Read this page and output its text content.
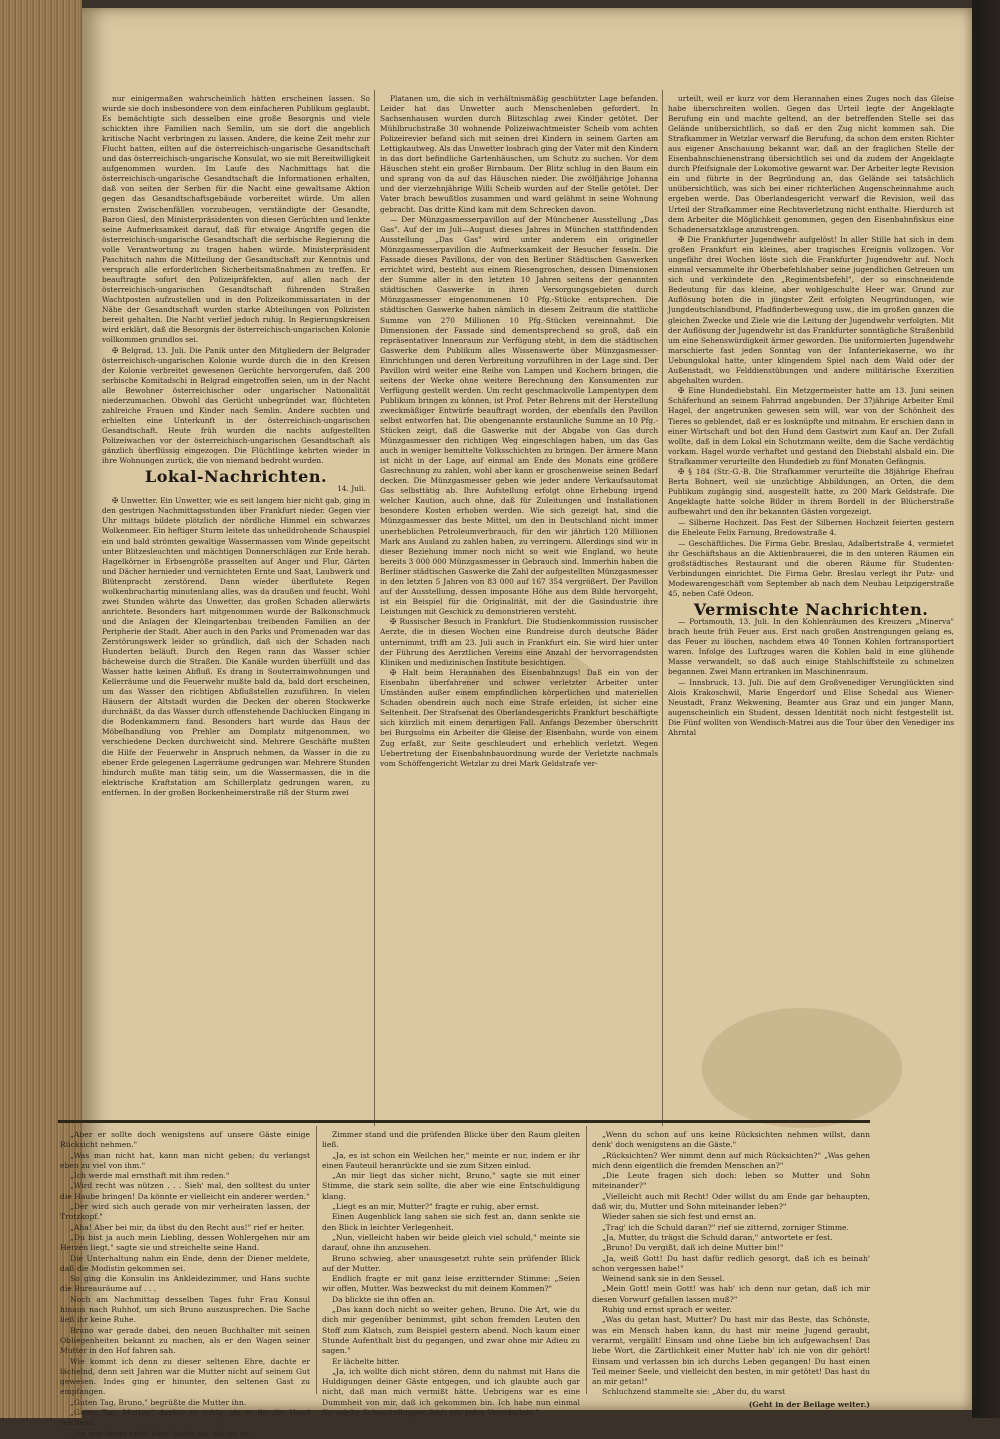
nur einigermaßen wahrscheinlich hätten erscheinen lassen. So wurde sie doch insbesondere von dem einfacheren Publikum geglaubt. Es bemächtigte sich desselben eine große Besorgnis und viele schickten ihre Familien nach Semlin, um sie dort die angeblich kritische Nacht verbringen zu lassen. Andere, die keine Zeit mehr zur Flucht hatten, eilten auf die österreichisch-ungarische Gesandtschaft und das österreichisch-ungarische Konsulat, wo sie mit Bereitwilligkeit aufgenommen wurden. Im Laufe des Nachmittags hat die österreichisch-ungarische Gesandtschaft die Informationen erhalten, daß von seiten der Serben für die Nacht eine gewaltsame Aktion gegen das Gesandtschaftsgebäude vorbereitet würde. Um allen ernsten Zwischenfällen vorzubeugen, verständigte der Gesandte, Baron Giesl, den Ministerpräsidenten von diesen Gerüchten und lenkte seine Aufmerksamkeit darauf, daß für etwaige Angriffe gegen die österreichisch-ungarische Gesandtschaft die serbische Regierung die volle Verantwortung zu tragen haben würde. Ministerpräsident Paschitsch nahm die Mitteilung der Gesandtschaft zur Kenntnis und versprach alle erforderlichen Sicherheitsmaßnahmen zu treffen. Er beauftragte sofort den Polizeipräfekten, auf allen nach der österreichisch-ungarischen Gesandtschaft führenden Straßen Wachtposten aufzustellen und in den Polizeikommissariaten in der Nähe der Gesandtschaft wurden starke Abteilungen von Polizisten bereit gehalten. Die Nacht verlief jedoch ruhig. In Regierungskreisen wird erklärt, daß die Besorgnis der österreichisch-ungarischen Kolonie vollkommen grundlos sei.

✠ Belgrad, 13. Juli. Die Panik unter den Mitgliedern der Belgrader österreichisch-ungarischen Kolonie wurde durch die in den Kreisen der Kolonie verbreitet gewesenen Gerüchte hervorgerufen, daß 200 serbische Komitadschi in Belgrad eingetroffen seien, um in der Nacht alle Bewohner österreichischer oder ungarischer Nationalität niederzumachen. Obwohl das Gerücht unbegründet war, flüchteten zahlreiche Frauen und Kinder nach Semlin. Andere suchten und erhielten eine Unterkunft in der österreichisch-ungarischen Gesandtschaft. Heute früh wurden die nachts aufgestellten Polizeiwachen vor der österreichisch-ungarischen Gesandtschaft als gänzlich überflüssig eingezogen. Die Flüchtlinge kehrten wieder in ihre Wohnungen zurück, die von niemand bedroht wurden.

Lokal-Nachrichten.
14. Juli.

✠ Unwetter. Ein Unwetter, wie es seit langem hier nicht gab, ging in den gestrigen Nachmittagsstunden über Frankfurt nieder. Gegen vier Uhr mittags bildete plötzlich der nördliche Himmel ein schwarzes Wolkenmeer. Ein heftiger Sturm leitete das unheildrohende Schauspiel ein und bald strömten gewaltige Wassermassen vom Winde gepeitscht unter Blitzesleuchten und mächtigen Donnerschlägen zur Erde herab. Hagelkörner in Erbsengröße prasselten auf Anger und Flur, Gärten und Dächer hernieder und vernichteten Ernte und Saat, Laubwerk und Blütenpracht zerstörend. Dann wieder überflutete Regen wolkenbruchartig minutenlang alles, was da draußen und feucht. Wohl zwei Stunden währte das Unwetter, das großen Schaden allerwärts anrichtete. Besonders hart mitgenommen wurde der Balkonschmuck und die Anlagen der Kleingartenbau treibenden Familien an der Peripherie der Stadt. Aber auch in den Parks und Promenaden war das Zerstörungswerk leider so gründlich, daß sich der Schaden nach Hunderten beläuft. Durch den Regen rann das Wasser schier bächeweise durch die Straßen. Die Kanäle wurden überfüllt und das Wasser hatte keinen Abfluß. Es drang in Souterrainwohnungen und Kellerräume und die Feuerwehr mußte bald da, bald dort erscheinen, um das Wasser den richtigen Abflußstellen zuzuführen. In vielen Häusern der Altstadt wurden die Decken der oberen Stockwerke durchnäßt, da das Wasser durch offenstehende Dachlucken Eingang in die Bodenkammern fand. Besonders hart wurde das Haus der Möbelhandlung von Prehler am Domplatz mitgenommen, wo verschiedene Decken durchweicht sind. Mehrere Geschäfte mußten die Hilfe der Feuerwehr in Anspruch nehmen, da Wasser in die zu ebener Erde gelegenen Lagerräume gedrungen war. Mehrere Stunden hindurch mußte man tätig sein, um die Wassermassen, die in die elektrische Kraftstation am Schillerplatz gedrungen waren, zu entfernen. In der großen Bockenheimerstraße riß der Sturm zwei

Platanen um, die sich in verhältnismäßig geschützter Lage befanden. Leider hat das Unwetter auch Menschenleben gefordert. In Sachsenhausen wurden durch Blitzschlag zwei Kinder getötet. Der Mühlbruchstraße 30 wohnende Polizeiwachtmeister Scheib vom achten Polizeirevier befand sich mit seinen drei Kindern in seinem Garten am Lettigkautweg. Als das Unwetter losbrach ging der Vater mit den Kindern in das dort befindliche Gartenhäuschen, um Schutz zu suchen. Vor dem Häuschen steht ein großer Birnbaum. Der Blitz schlug in den Baum ein und sprang von da auf das Häuschen nieder. Die zwölfjährige Johanna und der vierzehnjährige Willi Scheib wurden auf der Stelle getötet. Der Vater brach bewußtlos zusammen und ward gelähmt in seine Wohnung gebracht. Das dritte Kind kam mit dem Schrecken davon.

— Der Münzgasmesserpavillon auf der Münchener Ausstellung „Das Gas". Auf der im Juli—August dieses Jahres in München stattfindenden Ausstellung „Das Gas" wird unter anderem ein origineller Münzgasmesserpavillon die Aufmerksamkeit der Besucher fesseln. Die Fassade dieses Pavillons, der von den Berliner Städtischen Gaswerken errichtet wird, besteht aus einem Riesengroschen, dessen Dimensionen der Summe aller in den letzten 10 Jahren seitens der genannten städtischen Gaswerke in ihren Versorgungsgebieten durch Münzgasmesser eingenommenen 10 Pfg.-Stücke entsprechen. Die städtischen Gaswerke haben nämlich in diesem Zeitraum die stattliche Summe von 270 Millionen 10 Pfg.-Stücken vereinnahmt. Die Dimensionen der Fassade sind dementsprechend so groß, daß ein repräsentativer Innenraum zur Verfügung steht, in dem die städtischen Gaswerke dem Publikum alles Wissenswerte über Münzgasmesser-Einrichtungen und deren Verbreitung vorzuführen in der Lage sind. Der Pavillon wird weiter eine Reihe von Lampen und Kochern bringen, die seitens der Werke ohne weitere Berechnung den Konsumenten zur Verfügung gestellt werden. Um recht geschmackvolle Lampentypen dem Publikum bringen zu können, ist Prof. Peter Behrens mit der Herstellung zweckmäßiger Entwürfe beauftragt worden, der ebenfalls den Pavillon selbst entworfen hat. Die obengenannte erstaunliche Summe an 10 Pfg.-Stücken zeigt, daß die Gaswerke mit der Abgabe von Gas durch Münzgasmesser den richtigen Weg eingeschlagen haben, um das Gas auch in weniger bemittelte Volksschichten zu bringen. Der ärmere Mann ist nicht in der Lage, auf einmal am Ende des Monats eine größere Gasrechnung zu zahlen, wohl aber kann er groschenweise seinen Bedarf decken. Die Münzgasmesser geben wie jeder andere Verkaufsautomat Gas selbsttätig ab. Ihre Aufstellung erfolgt ohne Erhebung irgend welcher Kaution, auch ohne, daß für Zuleitungen und Installationen besondere Kosten erhoben werden. Wie sich gezeigt hat, sind die Münzgasmesser das beste Mittel, um den in Deutschland nicht immer unerheblichen Petroleumverbrauch, für den wir jährlich 120 Millionen Mark ans Ausland zu zahlen haben, zu verringern. Allerdings sind wir in dieser Beziehung immer noch nicht so weit wie England, wo heute bereits 3 000 000 Münzgasmesser in Gebrauch sind. Immerhin haben die Berliner städtischen Gaswerke die Zahl der aufgestellten Münzgasmesser in den letzten 5 Jahren von 83 000 auf 167 354 vergrößert. Der Pavillon auf der Ausstellung, dessen imposante Höhe aus dem Bilde hervorgeht, ist ein Beispiel für die Originalität, mit der die Gasindustrie ihre Leistungen mit Geschick zu demonstrieren versteht.

✠ Russischer Besuch in Frankfurt. Die Studienkommission russischer Aerzte, die in diesen Wochen eine Rundreise durch deutsche Bäder unternimmt, trifft am 23. Juli auch in Frankfurt ein. Sie wird hier unter der Führung des Aerztlichen Vereins eine Anzahl der hervorragendsten Kliniken und medizinischen Institute besichtigen.

✠ Halt beim Herannahen des Eisenbahnzugs! Daß ein von der Eisenbahn überfahrener und schwer verletzter Arbeiter unter Umständen außer einem empfindlichen körperlichen und materiellen Schaden obendrein auch noch eine Strafe erleiden, ist sicher eine Seltenheit. Der Strafsenat des Oberlandesgerichts Frankfurt beschäftigte sich kürzlich mit einem derartigen Fall. Anfangs Dezember überschritt bei Burgsolms ein Arbeiter die Gleise der Eisenbahn, wurde von einem Zug erfaßt, zur Seite geschleudert und erheblich verletzt. Wegen Uebertretung der Eisenbahnbauordnung wurde der Verletzte nachmals vom Schöffengericht Wetzlar zu drei Mark Geldstrafe ver-

urteilt, weil er kurz vor dem Herannahen eines Zuges noch das Gleise habe überschreiten wollen. Gegen das Urteil legte der Angeklagte Berufung ein und machte geltend, an der betreffenden Stelle sei das Gelände unübersichtlich, so daß er den Zug nicht kommen sah. Die Strafkammer in Wetzlar verwarf die Berufung, da schon dem ersten Richter aus eigener Anschauung bekannt war, daß an der fraglichen Stelle der Eisenbahnschienenstrang übersichtlich sei und da zudem der Angeklagte durch Pfeifsignale der Lokomotive gewarnt war. Der Arbeiter legte Revision ein und führte in der Begründung an, das Gelände sei tatsächlich unübersichtlich, was sich bei einer richterlichen Augenscheinnahme auch ergeben werde. Das Oberlandesgericht verwarf die Revision, weil das Urteil der Strafkammer eine Rechtsverletzung nicht enthalte. Hierdurch ist dem Arbeiter die Möglichkeit genommen, gegen den Eisenbahnfiskus eine Schadenersatzklage anzustrengen.

✠ Die Frankfurter Jugendwehr aufgelöst! In aller Stille hat sich in dem großen Frankfurt ein kleines, aber tragisches Ereignis vollzogen. Vor ungefähr drei Wochen löste sich die Frankfurter Jugendwehr auf. Noch einmal versammelte ihr Oberbefehlshaber seine jugendlichen Getreuen um sich und verkündete den „Regimentsbefehl", der so einschneidende Bedeutung für das kleine, aber wohlgeschulte Heer war. Grund zur Auflösung boten die in jüngster Zeit erfolgten Neugründungen, wie Jungdeutschlandbund, Pfadfinderbewegung usw., die im großen ganzen die gleichen Zwecke und Ziele wie die Leitung der Jugendwehr verfolgten. Mit der Auflösung der Jugendwehr ist das Frankfurter sonntägliche Straßenbild um eine Sehenswürdigkeit ärmer geworden. Die uniformierten Jugendwehr marschierte fast jeden Sonntag von der Infanteriekaserne, wo ihr Uebungslokal hatte, unter klingendem Spiel nach dem Wald oder der Außenstadt, wo Felddienstübungen und andere militärische Exerzitien abgehalten wurden.

✠ Eine Hundediebstahl. Ein Metzgermeister hatte am 13. Juni seinen Schäferhund an seinem Fahrrad angebunden. Der 37jährige Arbeiter Emil Hagel, der angetrunken gewesen sein will, war von der Schönheit des Tieres so geblendet, daß er es losknüpfte und mitnahm. Er erschien dann in einer Wirtschaft und bot den Hund dem Gastwirt zum Kauf an. Der Zufall wollte, daß in dem Lokal ein Schutzmann weilte, dem die Sache verdächtig vorkam. Hagel wurde verhaftet und gestand den Diebstahl alsbald ein. Die Strafkammer verurteilte den Hundedieb zu fünf Monaten Gefängnis.

✠ § 184 (Str.-G.-B. Die Strafkammer verurteilte die 38jährige Ehefrau Berta Bohnert, weil sie unzüchtige Abbildungen, an Orten, die dem Publikum zugängig sind, ausgestellt hatte, zu 200 Mark Geldstrafe. Die Angeklagte hatte solche Bilder in ihrem Bordell in der Blücherstraße aufbewahrt und den ihr bekannten Gästen vorgezeigt.

— Silberne Hochzeit. Das Fest der Silbernen Hochzeit feierten gestern die Eheleute Felix Farnung, Bredowstraße 4.

— Geschäftliches. Die Firma Gebr. Breslau, Adalbertstraße 4, vermietet ihr Geschäftshaus an die Aktienbrauerei, die in den unteren Räumen ein großstädtisches Restaurant und die oberen Räume für Studenten-Verbindungen einrichtet. Die Firma Gebr. Breslau verlegt ihr Putz- und Modewarengeschäft vom September ab nach dem Neubau Leipzigerstraße 45, neben Café Odeon.

Vermischte Nachrichten.

— Portsmouth, 13. Juli. In den Kohlenräumen des Kreuzers „Minerva" brach heute früh Feuer aus. Erst nach großen Anstrengungen gelang es, das Feuer zu löschen, nachdem etwa 40 Tonnen Kohlen fortransportiert waren. Infolge des Luftzuges waren die Kohlen bald in eine glühende Masse verwandelt, so daß auch einige Stahlschiffsteile zu schmelzen begannen. Zwei Mann ertranken im Maschinenraum.

— Innsbruck, 13. Juli. Die auf dem Großvenediger Verunglückten sind Alois Krakoschwil, Marie Engerdorf und Elise Schedal aus Wiener-Neustadt, Franz Wekwening, Beamter aus Graz und ein junger Mann, augenscheinlich ein Student, dessen Identität noch nicht festgestellt ist. Die Fünf wollten von Wendisch-Matrei aus die Tour über den Venediger ins Ahrntal

„Aber er sollte doch wenigstens auf unsere Gäste einige Rücksicht nehmen."

„Was man nicht hat, kann man nicht geben; du verlangst eben zu viel von ihm."

„Ich werde mal ernsthaft mit ihm reden."

„Wird recht was nützen . . . Sieh' mal, den solltest du unter die Haube bringen! Da könnte er vielleicht ein anderer werden."

„Der wird sich auch gerade von mir verheiraten lassen, der Trotzkopf."

„Aha! Aber bei mir, da übst du den Recht aus!" rief er heiter.

„Du bist ja auch mein Liebling, dessen Wohlergehen mir am Herzen liegt," sagte sie und streichelte seine Hand.

Die Unterhaltung nahm ein Ende, denn der Diener meldete, daß die Modistin gekommen sei.

So ging die Konsulin ins Ankleidezimmer, und Hans suchte die Bureauräume auf . . .

Noch am Nachmittag desselben Tages fuhr Frau Konsul hinaus nach Ruhhof, um sich Bruno auszusprechen. Die Sache ließ ihr keine Ruhe.

Bruno war gerade dabei, den neuen Buchhalter mit seinen Obliegenheiten bekannt zu machen, als er den Wagen seiner Mutter in den Hof fahren sah.

Wie kommt ich denn zu dieser seltenen Ehre, dachte er lächelnd, denn seit Jahren war die Mutter nicht auf seinem Gut gewesen. Indes ging er hinunter, den seltenen Gast zu empfangen.

„Guten Tag, Bruno," begrüßte die Mutter ihn.

„Guten Tag, Mutter," dankte er ruhig, als er ihr die Hand reichend.

„Ich war lange nicht hier," sagte sie, als sie im

Zimmer stand und die prüfenden Blicke über den Raum gleiten ließ.

„Ja, es ist schon ein Weilchen her," meinte er nur, indem er ihr einen Fauteuil heranrückte und sie zum Sitzen einlud.

„An mir liegt das sicher nicht, Bruno," sagte sie mit einer Stimme, die stark sein sollte, die aber wie eine Entschuldigung klang.

„Liegt es an mir, Mutter?" fragte er ruhig, aber ernst.

Einen Augenblick lang sahen sie sich fest an, dann senkte sie den Blick in leichter Verlegenheit.

„Nun, vielleicht haben wir beide gleich viel schuld," meinte sie darauf, ohne ihn anzusehen.

Bruno schwieg, aber unausgesetzt ruhte sein prüfender Blick auf der Mutter.

Endlich fragte er mit ganz leise erzitternder Stimme: „Seien wir offen, Mutter. Was bezweckst du mit deinem Kommen?"

Da blickte sie ihn offen an.

„Das kann doch nicht so weiter gehen, Bruno. Die Art, wie du dich mir gegenüber benimmst, gibt schon fremden Leuten den Stoff zum Klatsch, zum Beispiel gestern abend. Noch kaum einer Stunde Aufenthalt bist du gegangen, und zwar ohne mir Adieu zu sagen."

Er lächelte bitter.

„Ja, ich wollte dich nicht stören, denn du nahmst mit Hans die Huldigungen deiner Gäste entgegen, und ich glaubte auch gar nicht, daß man mich vermißt hätte. Uebrigens war es eine Dummheit von mir, daß ich gekommen bin. Ich habe nun einmal für solche Schaustellungen fehlt mir jedes Verständnis."

„Wenn du schon auf uns keine Rücksichten nehmen willst, dann denk' doch wenigstens an die Gäste."

„Rücksichten? Wer nimmt denn auf mich Rücksichten?" „Was gehen mich denn eigentlich die fremden Menschen an?"

„Die Leute fragen sich doch: leben so Mutter und Sohn miteinander?"

„Vielleicht auch mit Recht! Oder willst du am Ende gar behaupten, daß wir, du, Mutter und Sohn miteinander leben?"

Wieder sahen sie sich fest und ernst an.

„Trag' ich die Schuld daran?" rief sie zitternd, zorniger Stimme.

„Ja, Mutter, du trägst die Schuld daran," antwortete er fest.

„Bruno! Du vergißt, daß ich deine Mutter bin!"

„Ja, weiß Gott! Du hast dafür redlich gesorgt, daß ich es beinah' schon vergessen habe!"

Weinend sank sie in den Sessel.

„Mein Gott! mein Gott! was hab' ich denn nur getan, daß ich mir diesen Vorwurf gefallen lassen muß?"

Ruhig und ernst sprach er weiter.

„Was du getan hast, Mutter? Du hast mir das Beste, das Schönste, was ein Mensch haben kann, du hast mir meine Jugend geraubt, verarmt, vergällt! Einsam und ohne Liebe bin ich aufgewachsen! Das liebe Wort, die Zärtlichkeit einer Mutter hab' ich nie von dir gehört! Einsam und verlassen bin ich durchs Leben gegangen! Du hast einen Teil meiner Seele, und vielleicht den besten, in mir getötet! Das hast du an mir getan!"

Schluchzend stammelte sie: „Aber du, du warst

(Geht in der Beilage weiter.)
